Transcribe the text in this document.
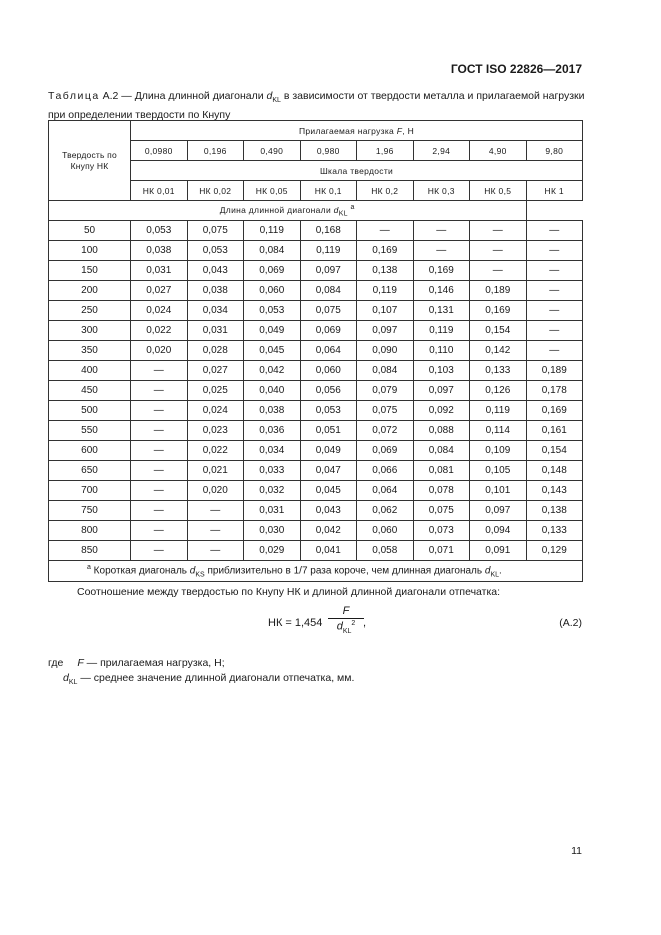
ГОСТ ISO 22826—2017
Таблица А.2 — Длина длинной диагонали $d_{KL}$ в зависимости от твердости металла и прилагаемой нагрузки при определении твердости по Кнупу
Твердость по Кнупу НК	Прилагаемая нагрузка F, Н							
	0,0980	0,196	0,490	0,980	1,96	2,94	4,90	9,80
	Шкала твердости							
	НК 0,01	НК 0,02	НК 0,05	НК 0,1	НК 0,2	НК 0,3	НК 0,5	НК 1
Длина длинной диагонали $d_{KL}$ $^a$
50	0,053	0,075	0,119	0,168	—	—	—	—
100	0,038	0,053	0,084	0,119	0,169	—	—	—
150	0,031	0,043	0,069	0,097	0,138	0,169	—	—
200	0,027	0,038	0,060	0,084	0,119	0,146	0,189	—
250	0,024	0,034	0,053	0,075	0,107	0,131	0,169	—
300	0,022	0,031	0,049	0,069	0,097	0,119	0,154	—
350	0,020	0,028	0,045	0,064	0,090	0,110	0,142	—
400	—	0,027	0,042	0,060	0,084	0,103	0,133	0,189
450	—	0,025	0,040	0,056	0,079	0,097	0,126	0,178
500	—	0,024	0,038	0,053	0,075	0,092	0,119	0,169
550	—	0,023	0,036	0,051	0,072	0,088	0,114	0,161
600	—	0,022	0,034	0,049	0,069	0,084	0,109	0,154
650	—	0,021	0,033	0,047	0,066	0,081	0,105	0,148
700	—	0,020	0,032	0,045	0,064	0,078	0,101	0,143
750	—	—	0,031	0,043	0,062	0,075	0,097	0,138
800	—	—	0,030	0,042	0,060	0,073	0,094	0,133
850	—	—	0,029	0,041	0,058	0,071	0,091	0,129
$^a$ Короткая диагональ $d_{KS}$ приблизительно в 1/7 раза короче, чем длинная диагональ $d_{KL}$.								
Соотношение между твердостью по Кнупу НК и длиной длинной диагонали отпечатка:
НК = 1,454
F
$d_{KL}^2$ ,	(А.2)
где F — прилагаемая нагрузка, Н;
$d_{KL}$ — среднее значение длинной диагонали отпечатка, мм.
11
